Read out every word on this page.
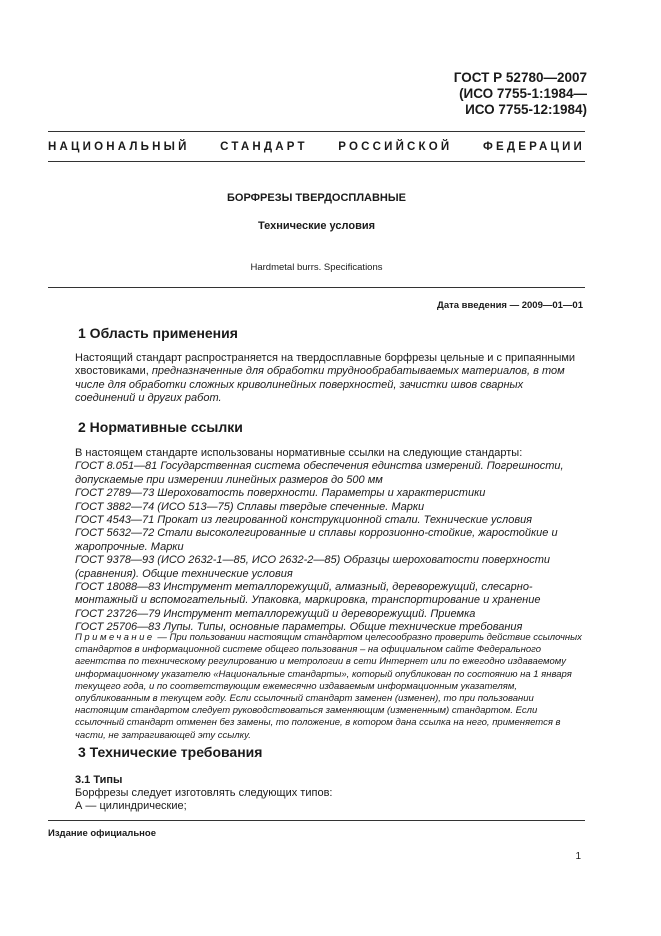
ГОСТ Р 52780—2007
(ИСО 7755-1:1984—
ИСО 7755-12:1984)
НАЦИОНАЛЬНЫЙ	СТАНДАРТ	РОССИЙСКОЙ	ФЕДЕРАЦИИ
БОРФРЕЗЫ ТВЕРДОСПЛАВНЫЕ
Технические условия
Hardmetal burrs. Specifications
Дата введения — 2009—01—01
1 Область применения

Настоящий стандарт распространяется на твердосплавные борфрезы цельные и с припаянными хвостовиками, предназначенные для обработки труднообрабатываемых материалов, в том числе для обработки сложных криволинейных поверхностей, зачистки швов сварных соединений и других работ.

2 Нормативные ссылки

В настоящем стандарте использованы нормативные ссылки на следующие стандарты:

ГОСТ 8.051—81 Государственная система обеспечения единства измерений. Погрешности, допускаемые при измерении линейных размеров до 500 мм

ГОСТ 2789—73 Шероховатость поверхности. Параметры и характеристики

ГОСТ 3882—74 (ИСО 513—75) Сплавы твердые спеченные. Марки

ГОСТ 4543—71 Прокат из легированной конструкционной стали. Технические условия

ГОСТ 5632—72 Стали высоколегированные и сплавы коррозионно-стойкие, жаростойкие и жаропрочные. Марки

ГОСТ 9378—93 (ИСО 2632-1—85, ИСО 2632-2—85) Образцы шероховатости поверхности (сравнения). Общие технические условия

ГОСТ 18088—83 Инструмент металлорежущий, алмазный, дереворежущий, слесарно-монтажный и вспомогательный. Упаковка, маркировка, транспортирование и хранение

ГОСТ 23726—79 Инструмент металлорежущий и дереворежущий. Приемка

ГОСТ 25706—83 Лупы. Типы, основные параметры. Общие технические требования

Примечание — При пользовании настоящим стандартом целесообразно проверить действие ссылочных стандартов в информационной системе общего пользования – на официальном сайте Федерального агентства по техническому регулированию и метрологии в сети Интернет или по ежегодно издаваемому информационному указателю «Национальные стандарты», который опубликован по состоянию на 1 января текущего года, и по соответствующим ежемесячно издаваемым информационным указателям, опубликованным в текущем году. Если ссылочный стандарт заменен (изменен), то при пользовании настоящим стандартом следует руководствоваться заменяющим (измененным) стандартом. Если ссылочный стандарт отменен без замены, то положение, в котором дана ссылка на него, применяется в части, не затрагивающей эту ссылку.

3 Технические требования
3.1 Типы

Борфрезы следует изготовлять следующих типов:

А — цилиндрические;

Издание официальное
1
